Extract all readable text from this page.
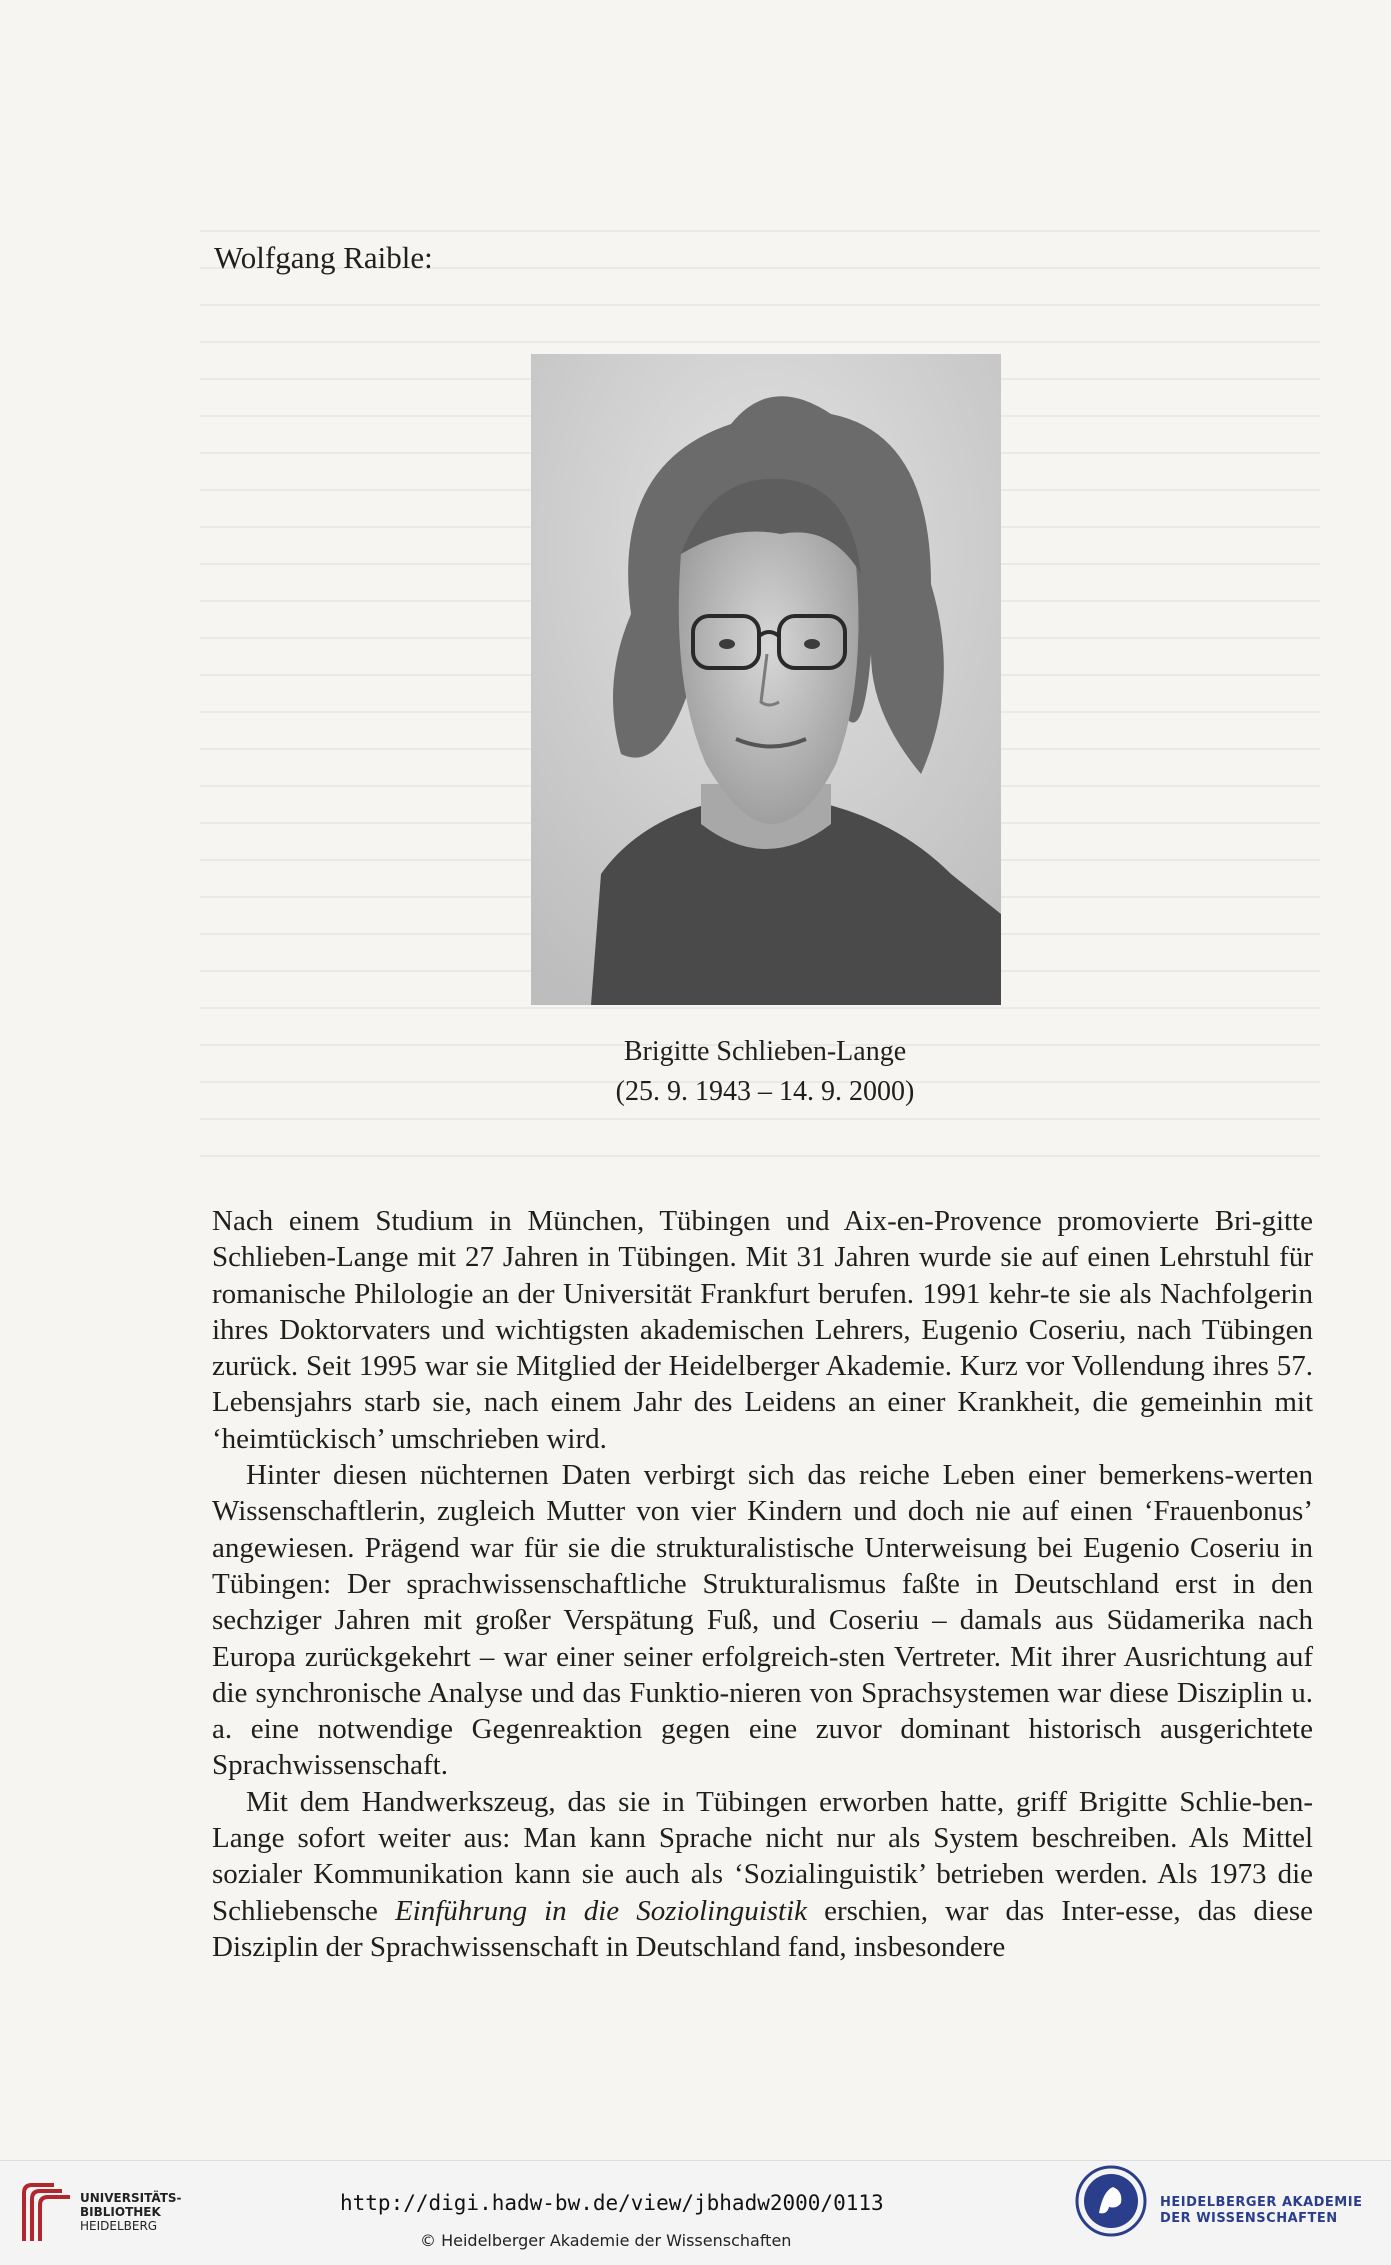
Wolfgang Raible:
Brigitte Schlieben-Lange
(25. 9. 1943 – 14. 9. 2000)

Nach einem Studium in München, Tübingen und Aix-en-Provence promovierte Bri-gitte Schlieben-Lange mit 27 Jahren in Tübingen. Mit 31 Jahren wurde sie auf einen Lehrstuhl für romanische Philologie an der Universität Frankfurt berufen. 1991 kehr-te sie als Nachfolgerin ihres Doktorvaters und wichtigsten akademischen Lehrers, Eugenio Coseriu, nach Tübingen zurück. Seit 1995 war sie Mitglied der Heidelberger Akademie. Kurz vor Vollendung ihres 57. Lebensjahrs starb sie, nach einem Jahr des Leidens an einer Krankheit, die gemeinhin mit ‘heimtückisch’ umschrieben wird.

Hinter diesen nüchternen Daten verbirgt sich das reiche Leben einer bemerkens-werten Wissenschaftlerin, zugleich Mutter von vier Kindern und doch nie auf einen ‘Frauenbonus’ angewiesen. Prägend war für sie die strukturalistische Unterweisung bei Eugenio Coseriu in Tübingen: Der sprachwissenschaftliche Strukturalismus faßte in Deutschland erst in den sechziger Jahren mit großer Verspätung Fuß, und Coseriu – damals aus Südamerika nach Europa zurückgekehrt – war einer seiner erfolgreich-sten Vertreter. Mit ihrer Ausrichtung auf die synchronische Analyse und das Funktio-nieren von Sprachsystemen war diese Disziplin u. a. eine notwendige Gegenreaktion gegen eine zuvor dominant historisch ausgerichtete Sprachwissenschaft.

Mit dem Handwerkszeug, das sie in Tübingen erworben hatte, griff Brigitte Schlie-ben-Lange sofort weiter aus: Man kann Sprache nicht nur als System beschreiben. Als Mittel sozialer Kommunikation kann sie auch als ‘Sozialinguistik’ betrieben werden. Als 1973 die Schliebensche Einführung in die Soziolinguistik erschien, war das Inter-esse, das diese Disziplin der Sprachwissenschaft in Deutschland fand, insbesondere

UNIVERSITÄTS-
BIBLIOTHEK
HEIDELBERG
http://digi.hadw-bw.de/view/jbhadw2000/0113
© Heidelberger Akademie der Wissenschaften
HEIDELBERGER AKADEMIE
DER WISSENSCHAFTEN
